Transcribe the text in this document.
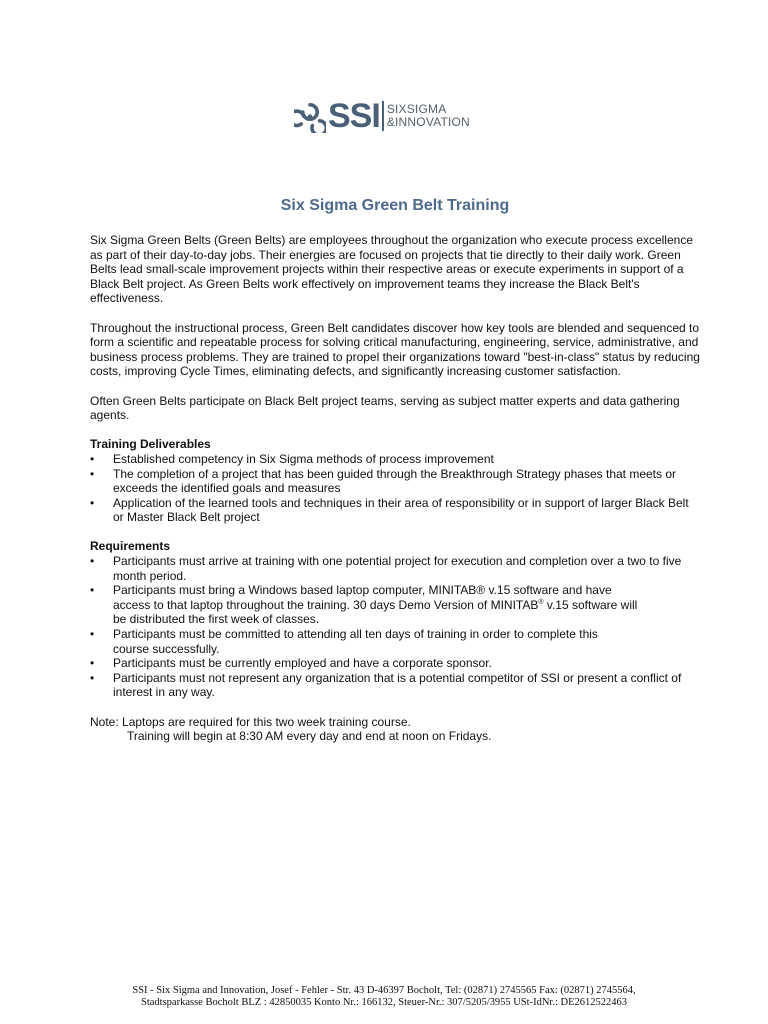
SSI SIXSIGMA
&INNOVATION
Six Sigma Green Belt Training

Six Sigma Green Belts (Green Belts) are employees throughout the organization who execute process excellence as part of their day-to-day jobs. Their energies are focused on projects that tie directly to their daily work. Green Belts lead small-scale improvement projects within their respective areas or execute experiments in support of a Black Belt project. As Green Belts work effectively on improvement teams they increase the Black Belt's effectiveness.

Throughout the instructional process, Green Belt candidates discover how key tools are blended and sequenced to form a scientific and repeatable process for solving critical manufacturing, engineering, service, administrative, and business process problems. They are trained to propel their organizations toward "best-in-class" status by reducing costs, improving Cycle Times, eliminating defects, and significantly increasing customer satisfaction.

Often Green Belts participate on Black Belt project teams, serving as subject matter experts and data gathering agents.

Training Deliverables
• Established competency in Six Sigma methods of process improvement
• The completion of a project that has been guided through the Breakthrough Strategy phases that meets or exceeds the identified goals and measures
• Application of the learned tools and techniques in their area of responsibility or in support of larger Black Belt or Master Black Belt project
Requirements
• Participants must arrive at training with one potential project for execution and completion over a two to five month period.
• Participants must bring a Windows based laptop computer, MINITAB® v.15 software and have
access to that laptop throughout the training. 30 days Demo Version of MINITAB® v.15 software will
be distributed the first week of classes.
• Participants must be committed to attending all ten days of training in order to complete this
course successfully.
• Participants must be currently employed and have a corporate sponsor.
• Participants must not represent any organization that is a potential competitor of SSI or present a conflict of interest in any way.
Note: Laptops are required for this two week training course.
Training will begin at 8:30 AM every day and end at noon on Fridays.
SSI - Six Sigma and Innovation, Josef - Fehler - Str. 43 D-46397 Bocholt, Tel: (02871) 2745565 Fax: (02871) 2745564,
Stadtsparkasse Bocholt BLZ : 42850035 Konto Nr.: 166132, Steuer-Nr.: 307/5205/3955 USt-IdNr.: DE2612522463
